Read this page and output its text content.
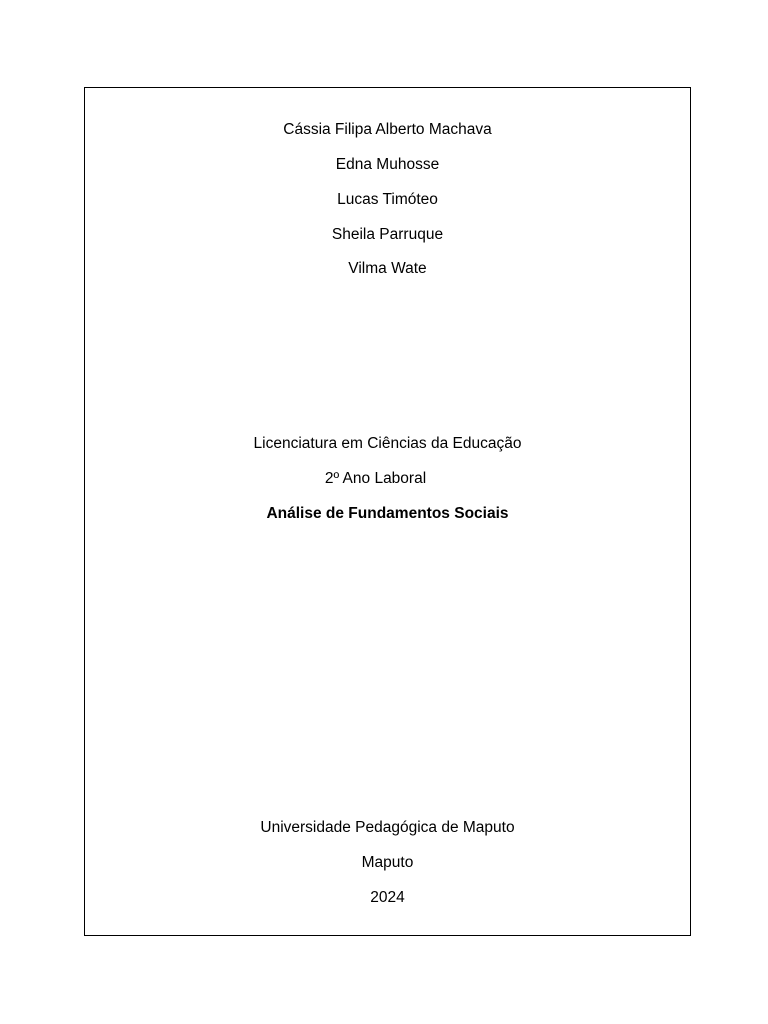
Cássia Filipa Alberto Machava
Edna Muhosse
Lucas Timóteo
Sheila Parruque
Vilma Wate
Licenciatura em Ciências da Educação
2º Ano Laboral
Análise de Fundamentos Sociais
Universidade Pedagógica de Maputo
Maputo
2024
